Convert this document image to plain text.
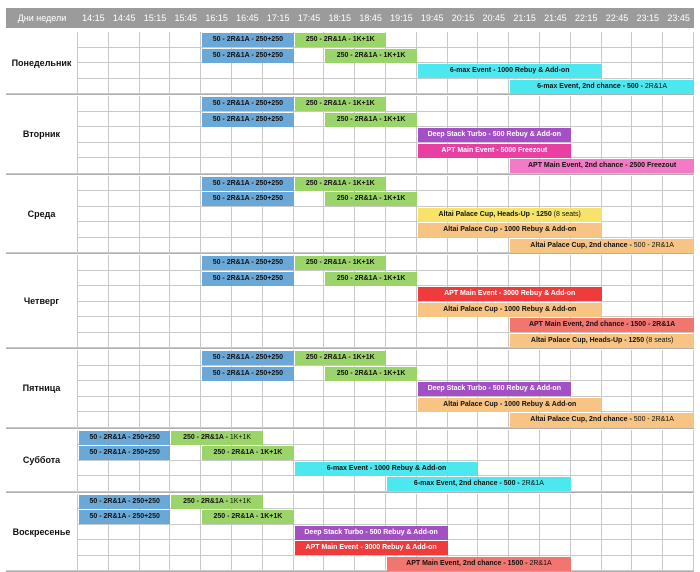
Дни недели	14:15 14:45 15:15 15:45 16:15 16:45 17:15 17:45 18:15 18:45 19:15 19:45 20:15 20:45 21:15 21:45 22:15 22:45 23:15 23:45
Понедельник
50 - 2R&1A - 250+250	250 - 2R&1A - 1K+1K
50 - 2R&1A - 250+250	250 - 2R&1A - 1K+1K
6-max Event - 1000 Rebuy & Add-on
6-max Event, 2nd chance - 500 - 2R&1A
Вторник
50 - 2R&1A - 250+250	250 - 2R&1A - 1K+1K
50 - 2R&1A - 250+250	250 - 2R&1A - 1K+1K
Deep Stack Turbo - 500 Rebuy & Add-on
APT Main Event - 5000 Freezout
APT Main Event, 2nd chance - 2500 Freezout
Среда
50 - 2R&1A - 250+250	250 - 2R&1A - 1K+1K
50 - 2R&1A - 250+250	250 - 2R&1A - 1K+1K
Altai Palace Cup, Heads-Up - 1250 (8 seats)
Altai Palace Cup - 1000 Rebuy & Add-on
Altai Palace Cup, 2nd chance - 500 - 2R&1A
Четверг
50 - 2R&1A - 250+250	250 - 2R&1A - 1K+1K
50 - 2R&1A - 250+250	250 - 2R&1A - 1K+1K
APT Main Event - 3000 Rebuy & Add-on
Altai Palace Cup - 1000 Rebuy & Add-on
APT Main Event, 2nd chance - 1500 - 2R&1A
Altai Palace Cup, Heads-Up - 1250 (8 seats)
Пятница
50 - 2R&1A - 250+250	250 - 2R&1A - 1K+1K
50 - 2R&1A - 250+250	250 - 2R&1A - 1K+1K
Deep Stack Turbo - 500 Rebuy & Add-on
Altai Palace Cup - 1000 Rebuy & Add-on
Altai Palace Cup, 2nd chance - 500 - 2R&1A
Суббота
50 - 2R&1A - 250+250	250 - 2R&1A - 1K+1K
50 - 2R&1A - 250+250	250 - 2R&1A - 1K+1K
6-max Event - 1000 Rebuy & Add-on
6-max Event, 2nd chance - 500 - 2R&1A
Воскресенье
50 - 2R&1A - 250+250	250 - 2R&1A - 1K+1K
50 - 2R&1A - 250+250	250 - 2R&1A - 1K+1K
Deep Stack Turbo - 500 Rebuy & Add-on
APT Main Event - 3000 Rebuy & Add-on
APT Main Event, 2nd chance - 1500 - 2R&1A
